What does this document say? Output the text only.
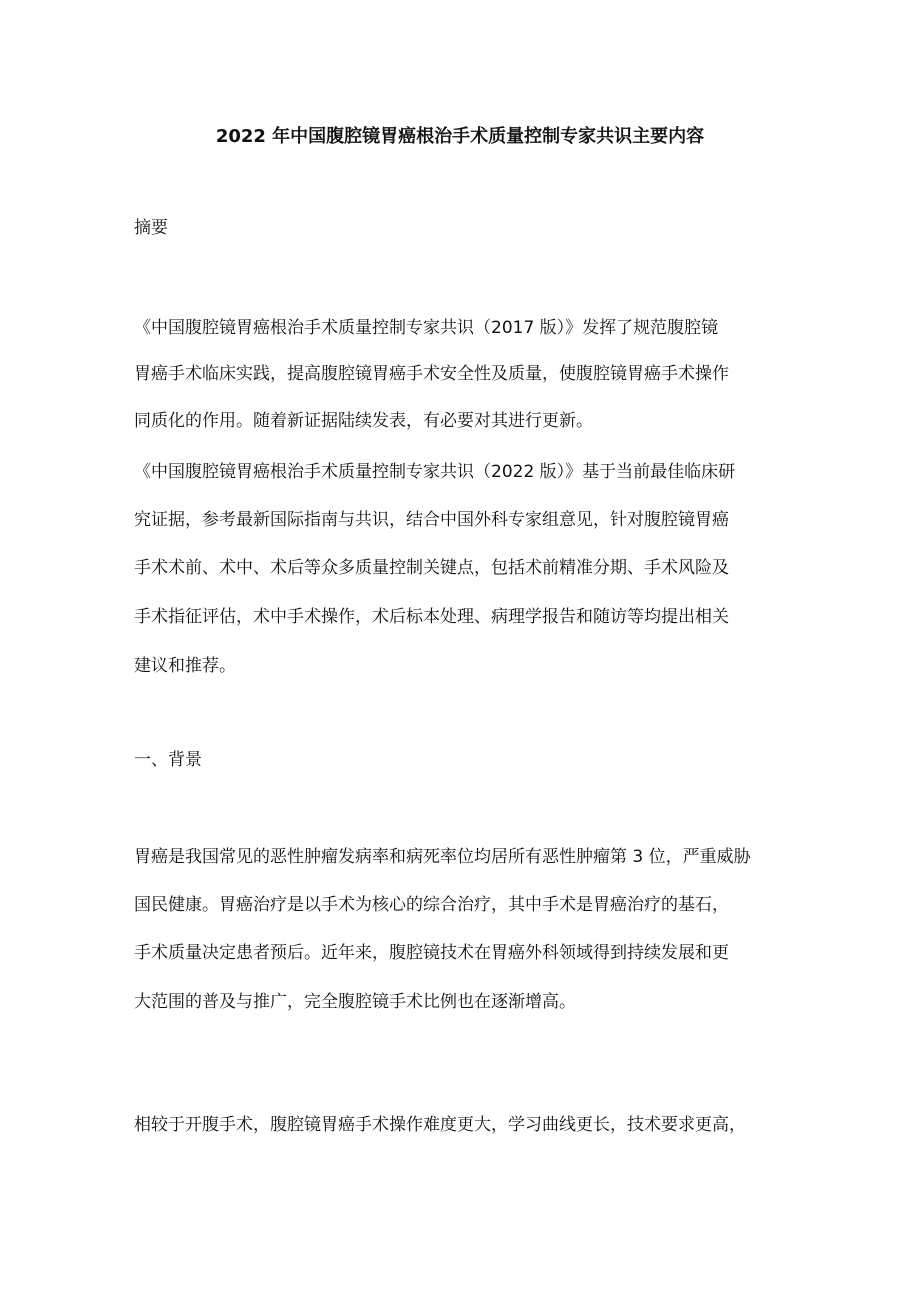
2022 年中国腹腔镜胃癌根治手术质量控制专家共识主要内容
摘要
《中国腹腔镜胃癌根治手术质量控制专家共识（2017 版）》发挥了规范腹腔镜
胃癌手术临床实践，提高腹腔镜胃癌手术安全性及质量，使腹腔镜胃癌手术操作
同质化的作用。随着新证据陆续发表，有必要对其进行更新。
《中国腹腔镜胃癌根治手术质量控制专家共识（2022 版）》基于当前最佳临床研
究证据，参考最新国际指南与共识，结合中国外科专家组意见，针对腹腔镜胃癌
手术术前、术中、术后等众多质量控制关键点，包括术前精准分期、手术风险及
手术指征评估，术中手术操作，术后标本处理、病理学报告和随访等均提出相关
建议和推荐。
一、背景
胃癌是我国常见的恶性肿瘤发病率和病死率位均居所有恶性肿瘤第 3 位，严重威胁
国民健康。胃癌治疗是以手术为核心的综合治疗，其中手术是胃癌治疗的基石，
手术质量决定患者预后。近年来，腹腔镜技术在胃癌外科领域得到持续发展和更
大范围的普及与推广，完全腹腔镜手术比例也在逐渐增高。
相较于开腹手术，腹腔镜胃癌手术操作难度更大，学习曲线更长，技术要求更高，
